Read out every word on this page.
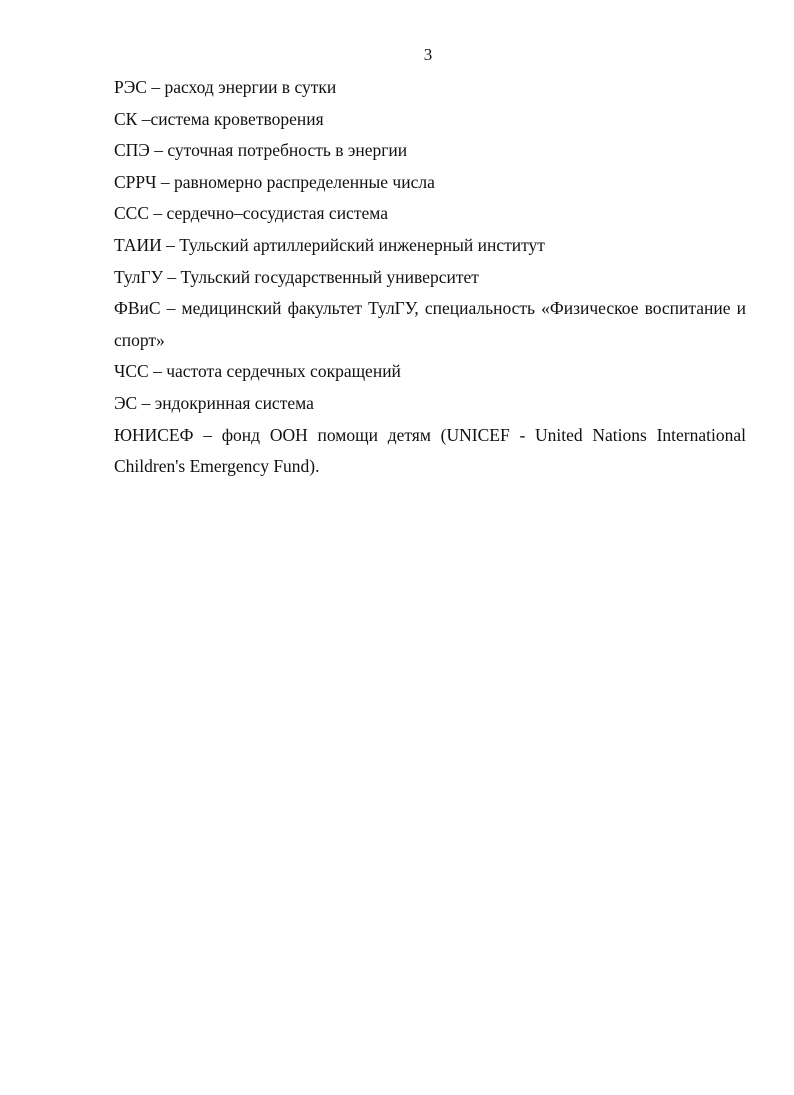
3
РЭС – расход энергии в сутки
СК –система кроветворения
СПЭ – суточная потребность в энергии
СРРЧ – равномерно распределенные числа
ССС – сердечно–сосудистая система
ТАИИ – Тульский артиллерийский инженерный институт
ТулГУ – Тульский государственный университет
ФВиС – медицинский факультет ТулГУ, специальность «Физическое воспитание и спорт»
ЧСС – частота сердечных сокращений
ЭС – эндокринная система
ЮНИСЕФ – фонд ООН помощи детям (UNICEF - United Nations International Children's Emergency Fund).
